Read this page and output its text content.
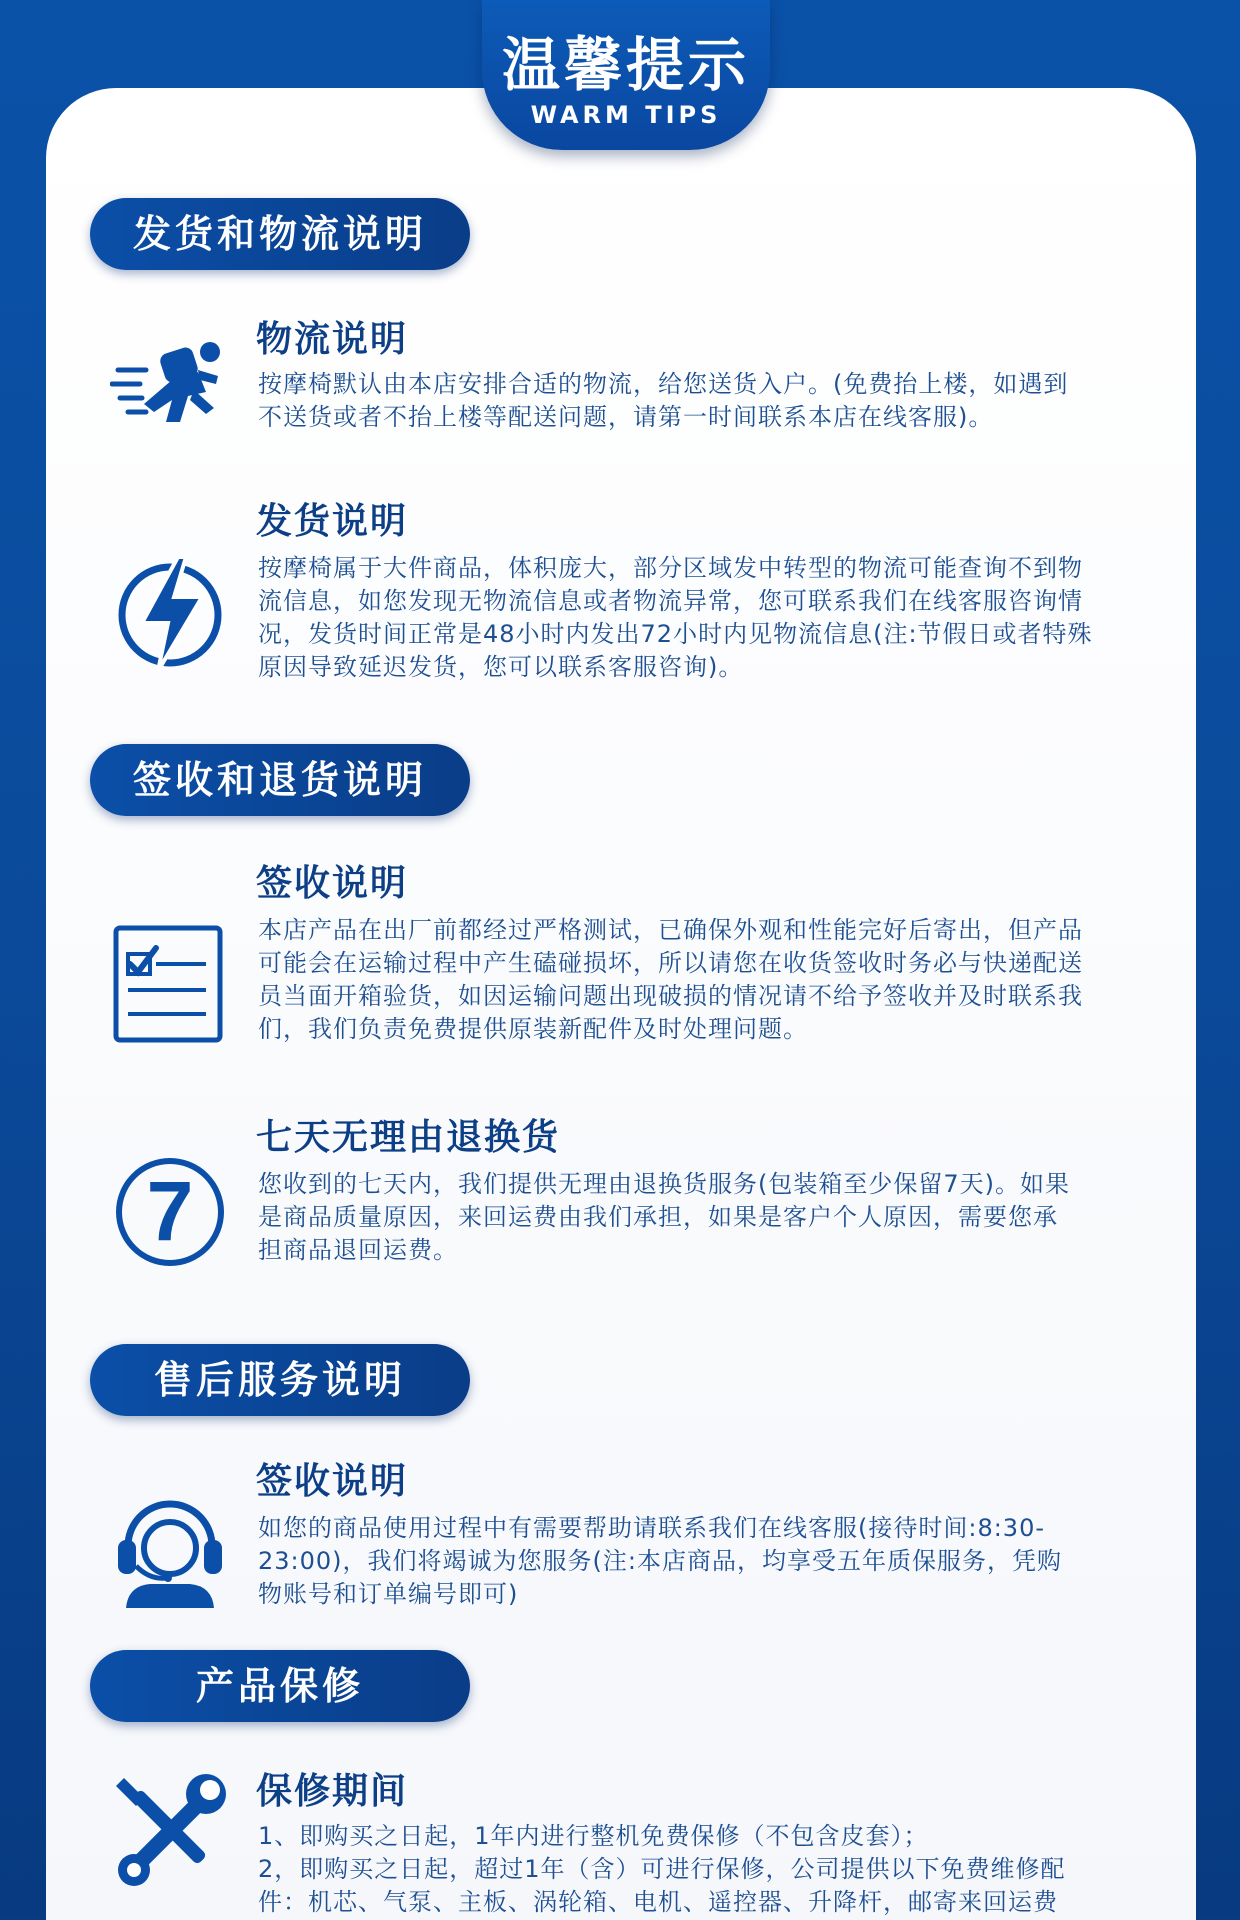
温馨提示
WARM TIPS
发货和物流说明
物流说明
按摩椅默认由本店安排合适的物流，给您送货入户。(免费抬上楼，如遇到
不送货或者不抬上楼等配送问题，请第一时间联系本店在线客服)。
发货说明
按摩椅属于大件商品，体积庞大，部分区域发中转型的物流可能查询不到物
流信息，如您发现无物流信息或者物流异常，您可联系我们在线客服咨询情
况，发货时间正常是48小时内发出72小时内见物流信息(注:节假日或者特殊
原因导致延迟发货，您可以联系客服咨询)。
签收和退货说明
签收说明
本店产品在出厂前都经过严格测试，已确保外观和性能完好后寄出，但产品
可能会在运输过程中产生磕碰损坏，所以请您在收货签收时务必与快递配送
员当面开箱验货，如因运输问题出现破损的情况请不给予签收并及时联系我
们，我们负责免费提供原装新配件及时处理问题。
7
七天无理由退换货
您收到的七天内，我们提供无理由退换货服务(包装箱至少保留7天)。如果
是商品质量原因，来回运费由我们承担，如果是客户个人原因，需要您承
担商品退回运费。
售后服务说明
签收说明
如您的商品使用过程中有需要帮助请联系我们在线客服(接待时间:8:30-
23:00)，我们将竭诚为您服务(注:本店商品，均享受五年质保服务，凭购
物账号和订单编号即可)
产品保修
保修期间
1、即购买之日起，1年内进行整机免费保修（不包含皮套）；
2，即购买之日起，超过1年（含）可进行保修，公司提供以下免费维修配
件：机芯、气泵、主板、涡轮箱、电机、遥控器、升降杆，邮寄来回运费
